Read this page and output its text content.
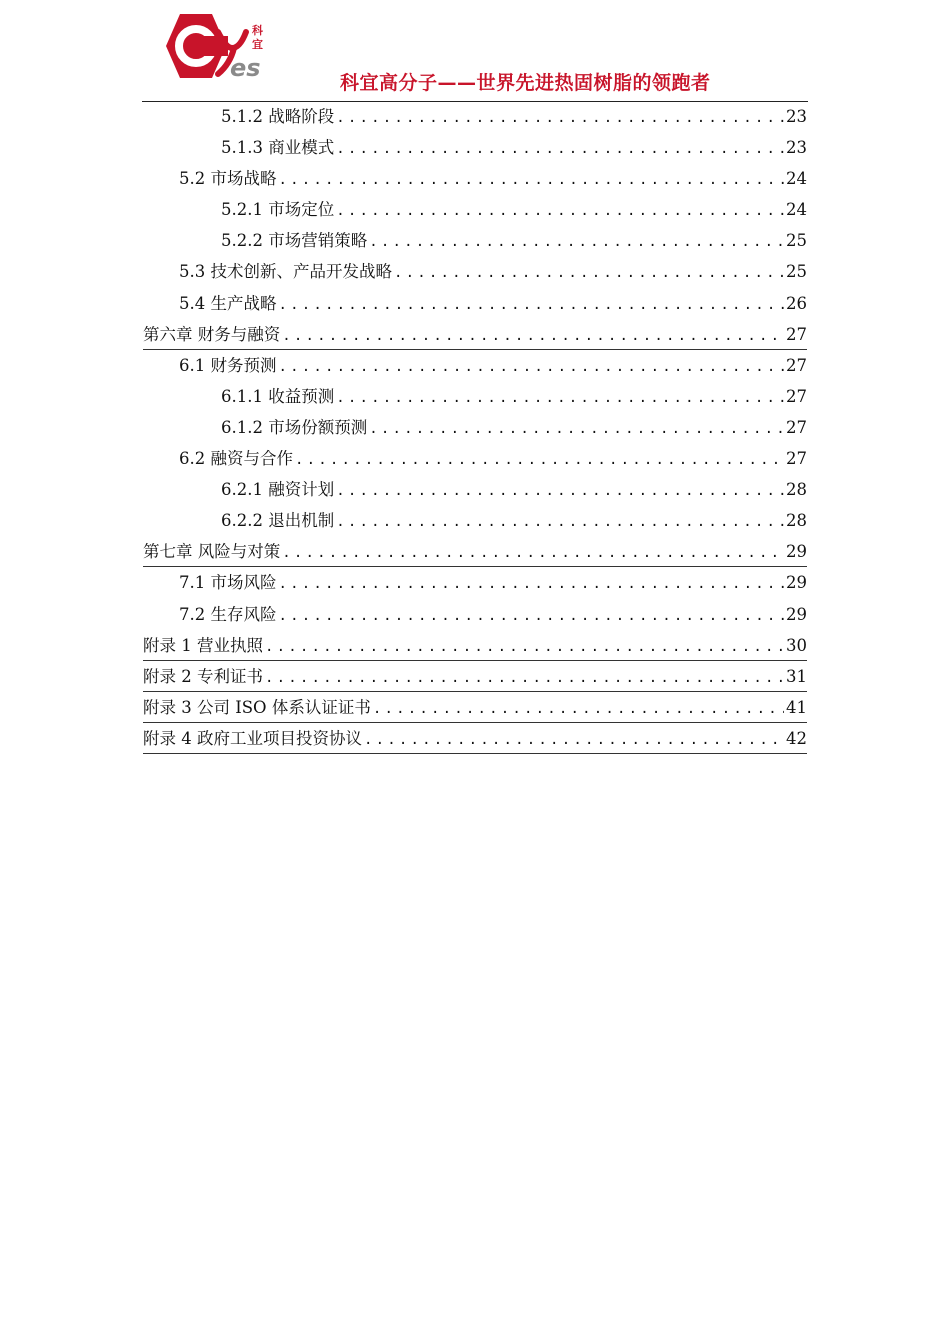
es
科
宜
科宜高分子——世界先进热固树脂的领跑者
5.1.2 战略阶段 .....	23
5.1.3 商业模式 .....	23
5.2 市场战略 .....	24
5.2.1 市场定位 .....	24
5.2.2 市场营销策略 .....	25
5.3 技术创新、产品开发战略 .....	25
5.4 生产战略 .....	26
第六章 财务与融资 .....	27
6.1 财务预测 .....	27
6.1.1 收益预测 .....	27
6.1.2 市场份额预测 .....	27
6.2 融资与合作 .....	27
6.2.1 融资计划 .....	28
6.2.2 退出机制 .....	28
第七章 风险与对策 .....	29
7.1 市场风险 .....	29
7.2 生存风险 .....	29
附录 1 营业执照 .....	30
附录 2 专利证书 .....	31
附录 3 公司 ISO 体系认证证书 .....	41
附录 4 政府工业项目投资协议 .....	42
